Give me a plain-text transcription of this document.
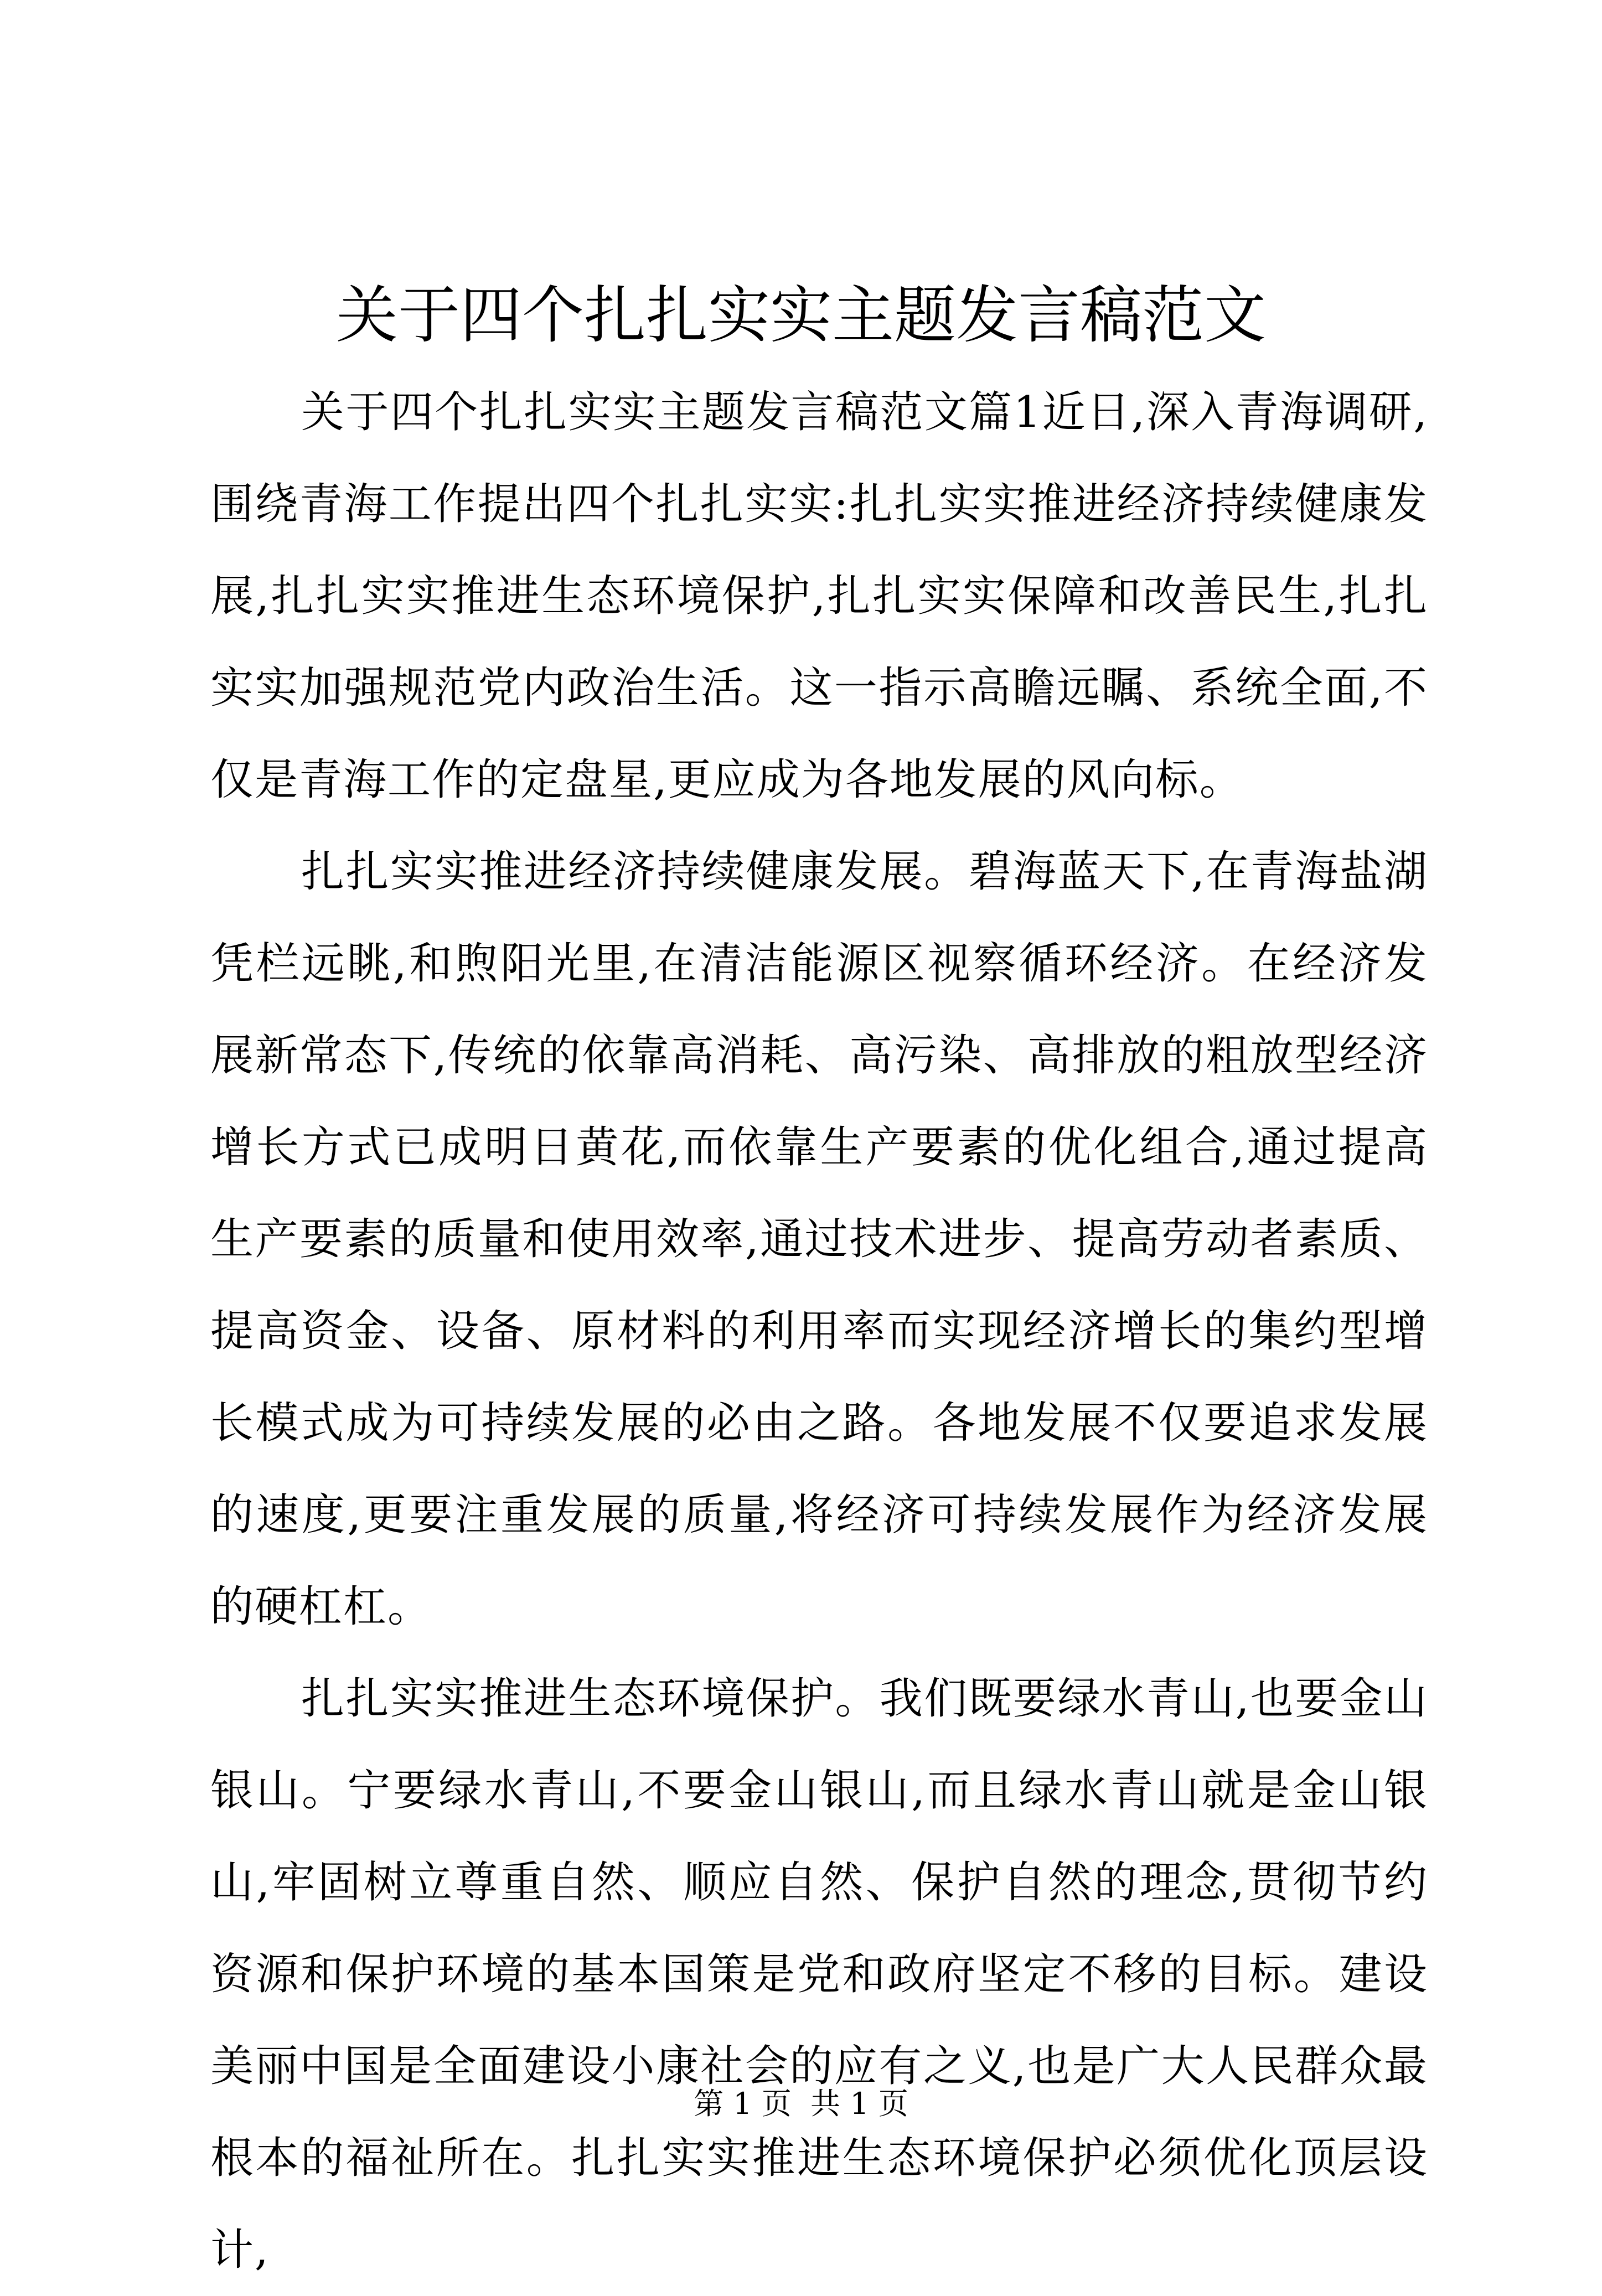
关于四个扎扎实实主题发言稿范文

关于四个扎扎实实主题发言稿范文篇1近日,深入青海调研,围绕青海工作提出四个扎扎实实:扎扎实实推进经济持续健康发展,扎扎实实推进生态环境保护,扎扎实实保障和改善民生,扎扎实实加强规范党内政治生活。这一指示高瞻远瞩、系统全面,不仅是青海工作的定盘星,更应成为各地发展的风向标。

扎扎实实推进经济持续健康发展。碧海蓝天下,在青海盐湖凭栏远眺,和煦阳光里,在清洁能源区视察循环经济。在经济发展新常态下,传统的依靠高消耗、高污染、高排放的粗放型经济增长方式已成明日黄花,而依靠生产要素的优化组合,通过提高生产要素的质量和使用效率,通过技术进步、提高劳动者素质、提高资金、设备、原材料的利用率而实现经济增长的集约型增长模式成为可持续发展的必由之路。各地发展不仅要追求发展的速度,更要注重发展的质量,将经济可持续发展作为经济发展的硬杠杠。

扎扎实实推进生态环境保护。我们既要绿水青山,也要金山银山。宁要绿水青山,不要金山银山,而且绿水青山就是金山银山,牢固树立尊重自然、顺应自然、保护自然的理念,贯彻节约资源和保护环境的基本国策是党和政府坚定不移的目标。建设美丽中国是全面建设小康社会的应有之义,也是广大人民群众最根本的福祉所在。扎扎实实推进生态环境保护必须优化顶层设计,

第 1 页  共 1 页
